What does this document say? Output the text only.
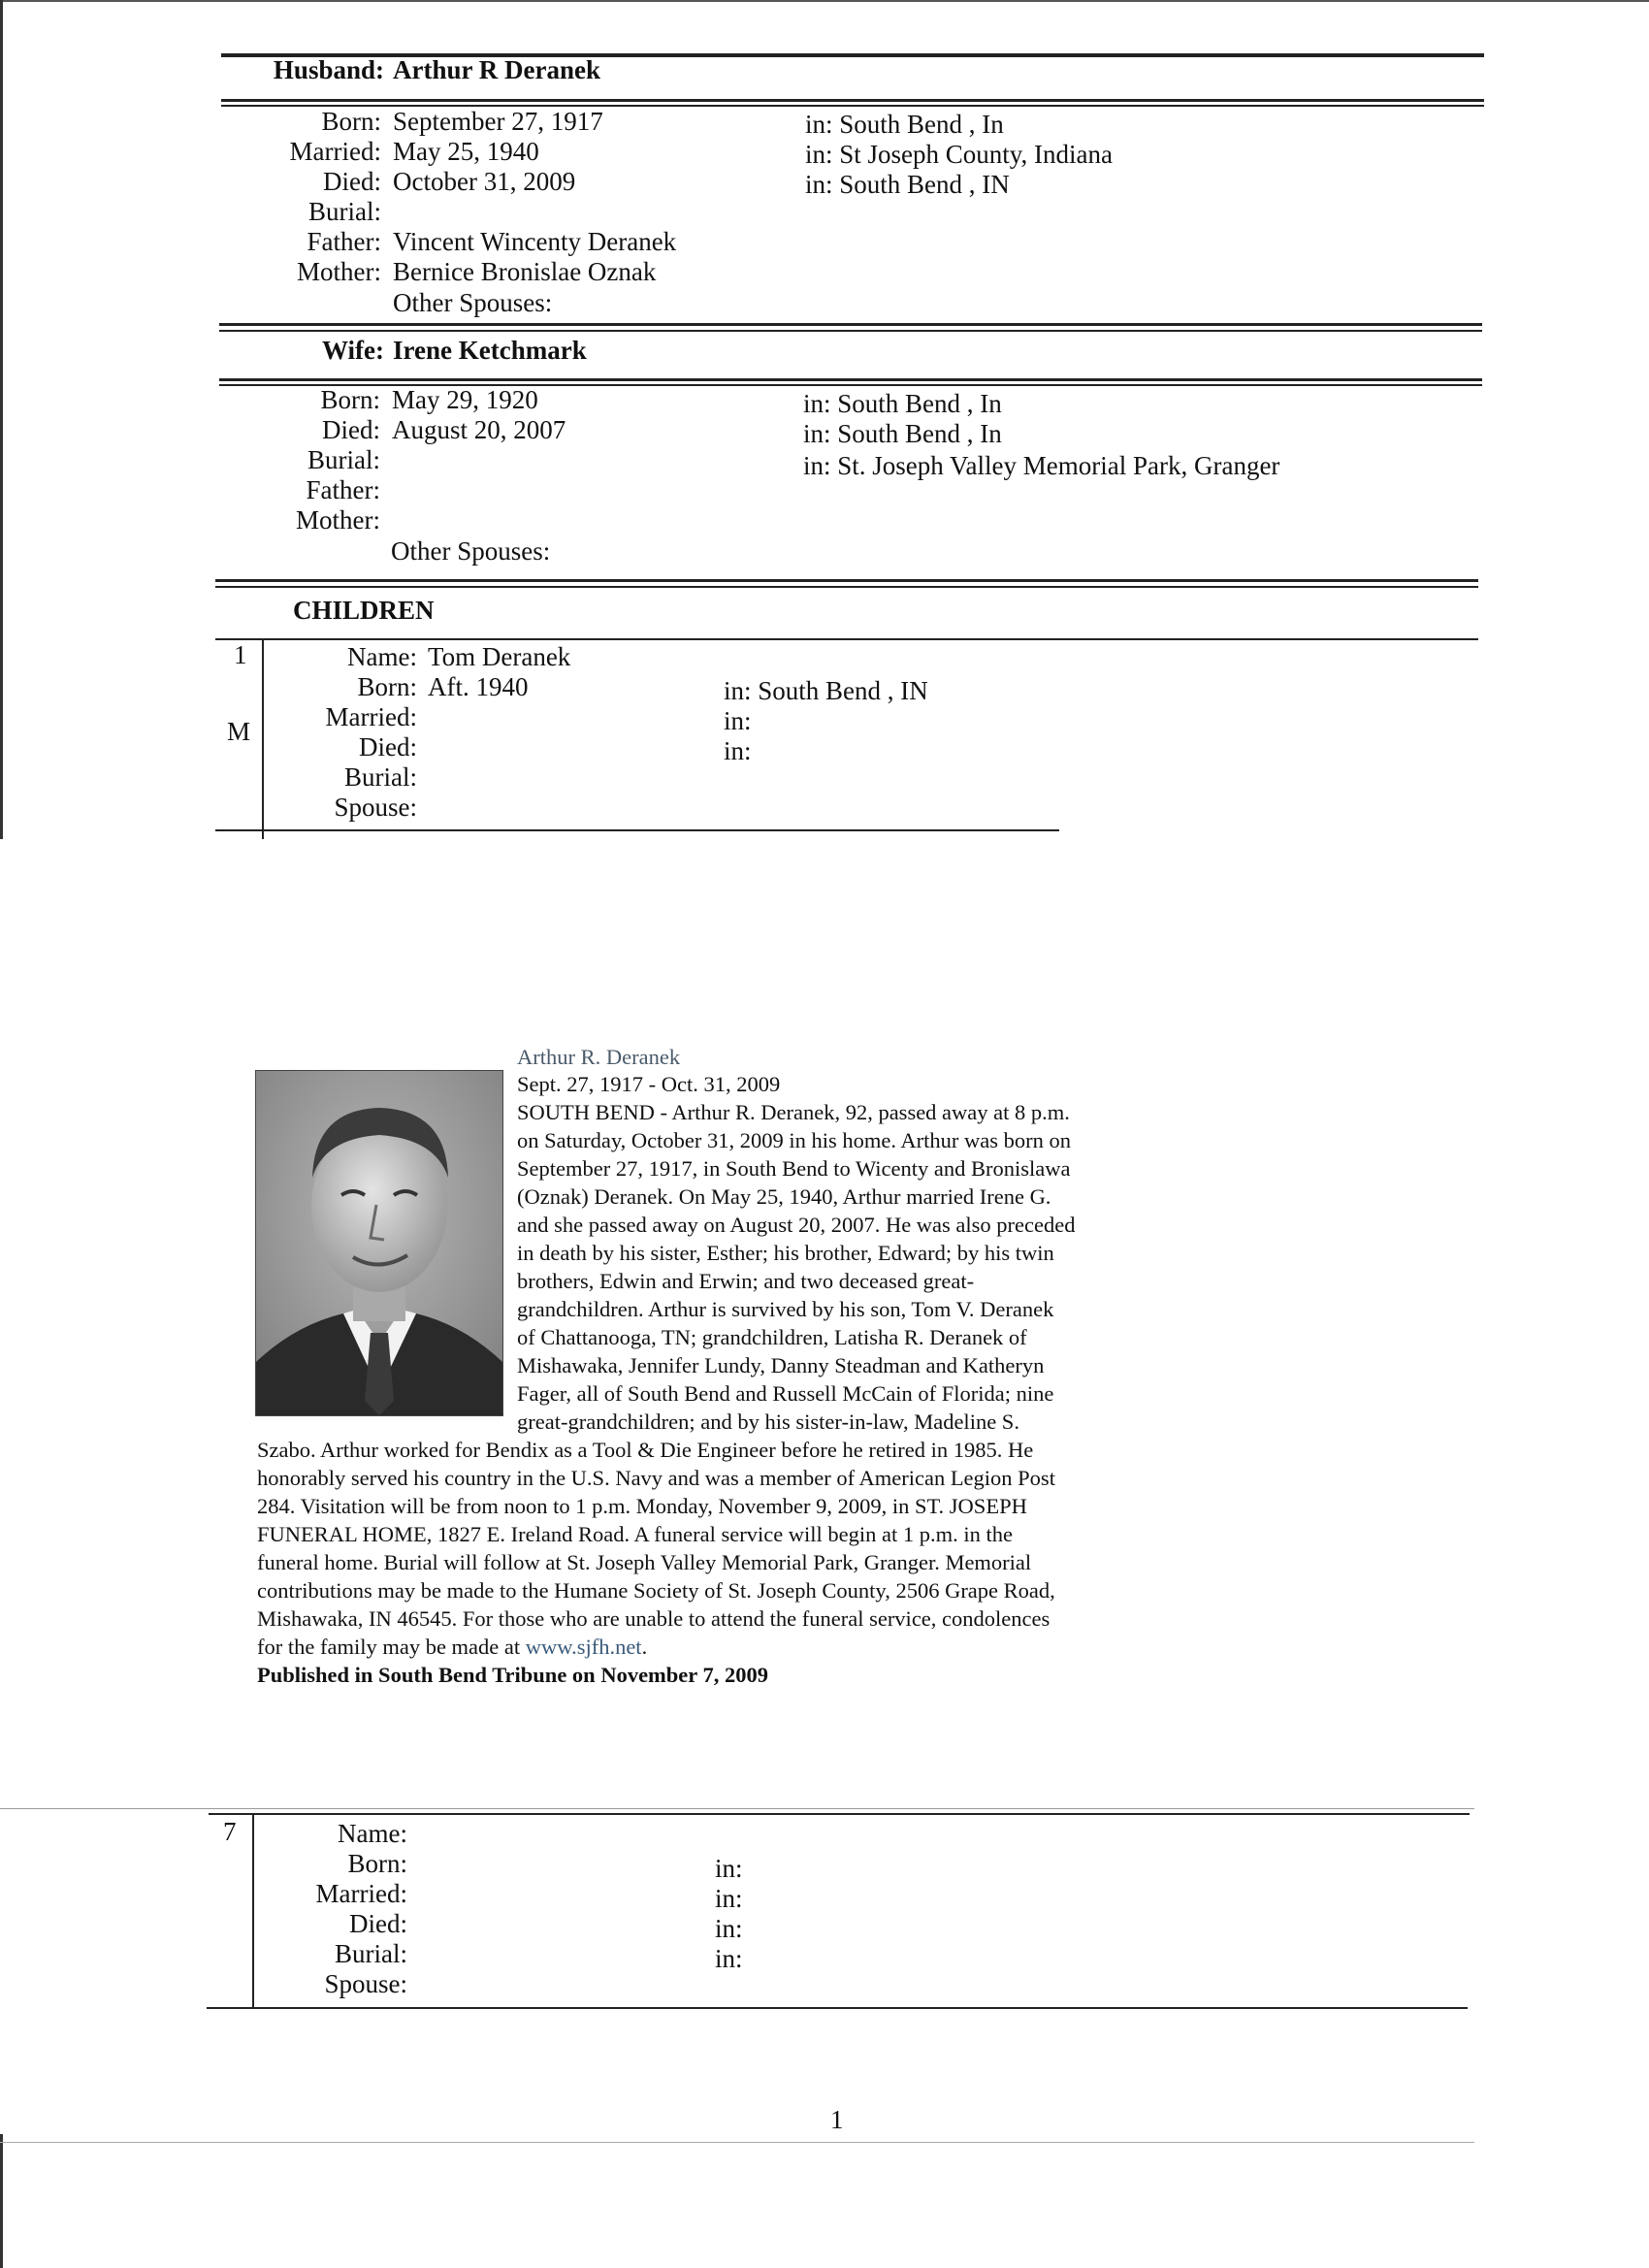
Husband: Arthur R Deranek
Born: September 27, 1917	in: South Bend , In
Married: May 25, 1940	in: St Joseph County, Indiana
Died: October 31, 2009	in: South Bend , IN
Burial:
Father: Vincent Wincenty Deranek
Mother: Bernice Bronislae Oznak
Other Spouses:
Wife: Irene Ketchmark
Born: May 29, 1920	in: South Bend , In
Died: August 20, 2007	in: South Bend , In
Burial:	in: St. Joseph Valley Memorial Park, Granger
Father:
Mother:
Other Spouses:
CHILDREN
1
M
Name: Tom Deranek
Born: Aft. 1940	in: South Bend , IN
Married:	in:
Died:	in:
Burial:
Spouse:
Arthur R. Deranek
Sept. 27, 1917 - Oct. 31, 2009
SOUTH BEND - Arthur R. Deranek, 92, passed away at 8 p.m.
on Saturday, October 31, 2009 in his home. Arthur was born on
September 27, 1917, in South Bend to Wicenty and Bronislawa
(Oznak) Deranek. On May 25, 1940, Arthur married Irene G.
and she passed away on August 20, 2007. He was also preceded
in death by his sister, Esther; his brother, Edward; by his twin
brothers, Edwin and Erwin; and two deceased great-
grandchildren. Arthur is survived by his son, Tom V. Deranek
of Chattanooga, TN; grandchildren, Latisha R. Deranek of
Mishawaka, Jennifer Lundy, Danny Steadman and Katheryn
Fager, all of South Bend and Russell McCain of Florida; nine
great-grandchildren; and by his sister-in-law, Madeline S.
Szabo. Arthur worked for Bendix as a Tool & Die Engineer before he retired in 1985. He
honorably served his country in the U.S. Navy and was a member of American Legion Post
284. Visitation will be from noon to 1 p.m. Monday, November 9, 2009, in ST. JOSEPH
FUNERAL HOME, 1827 E. Ireland Road. A funeral service will begin at 1 p.m. in the
funeral home. Burial will follow at St. Joseph Valley Memorial Park, Granger. Memorial
contributions may be made to the Humane Society of St. Joseph County, 2506 Grape Road,
Mishawaka, IN 46545. For those who are unable to attend the funeral service, condolences
for the family may be made at www.sjfh.net.
Published in South Bend Tribune on November 7, 2009
7	Name:
Born:	in:
Married:	in:
Died:	in:
Burial:	in:
Spouse:
1
